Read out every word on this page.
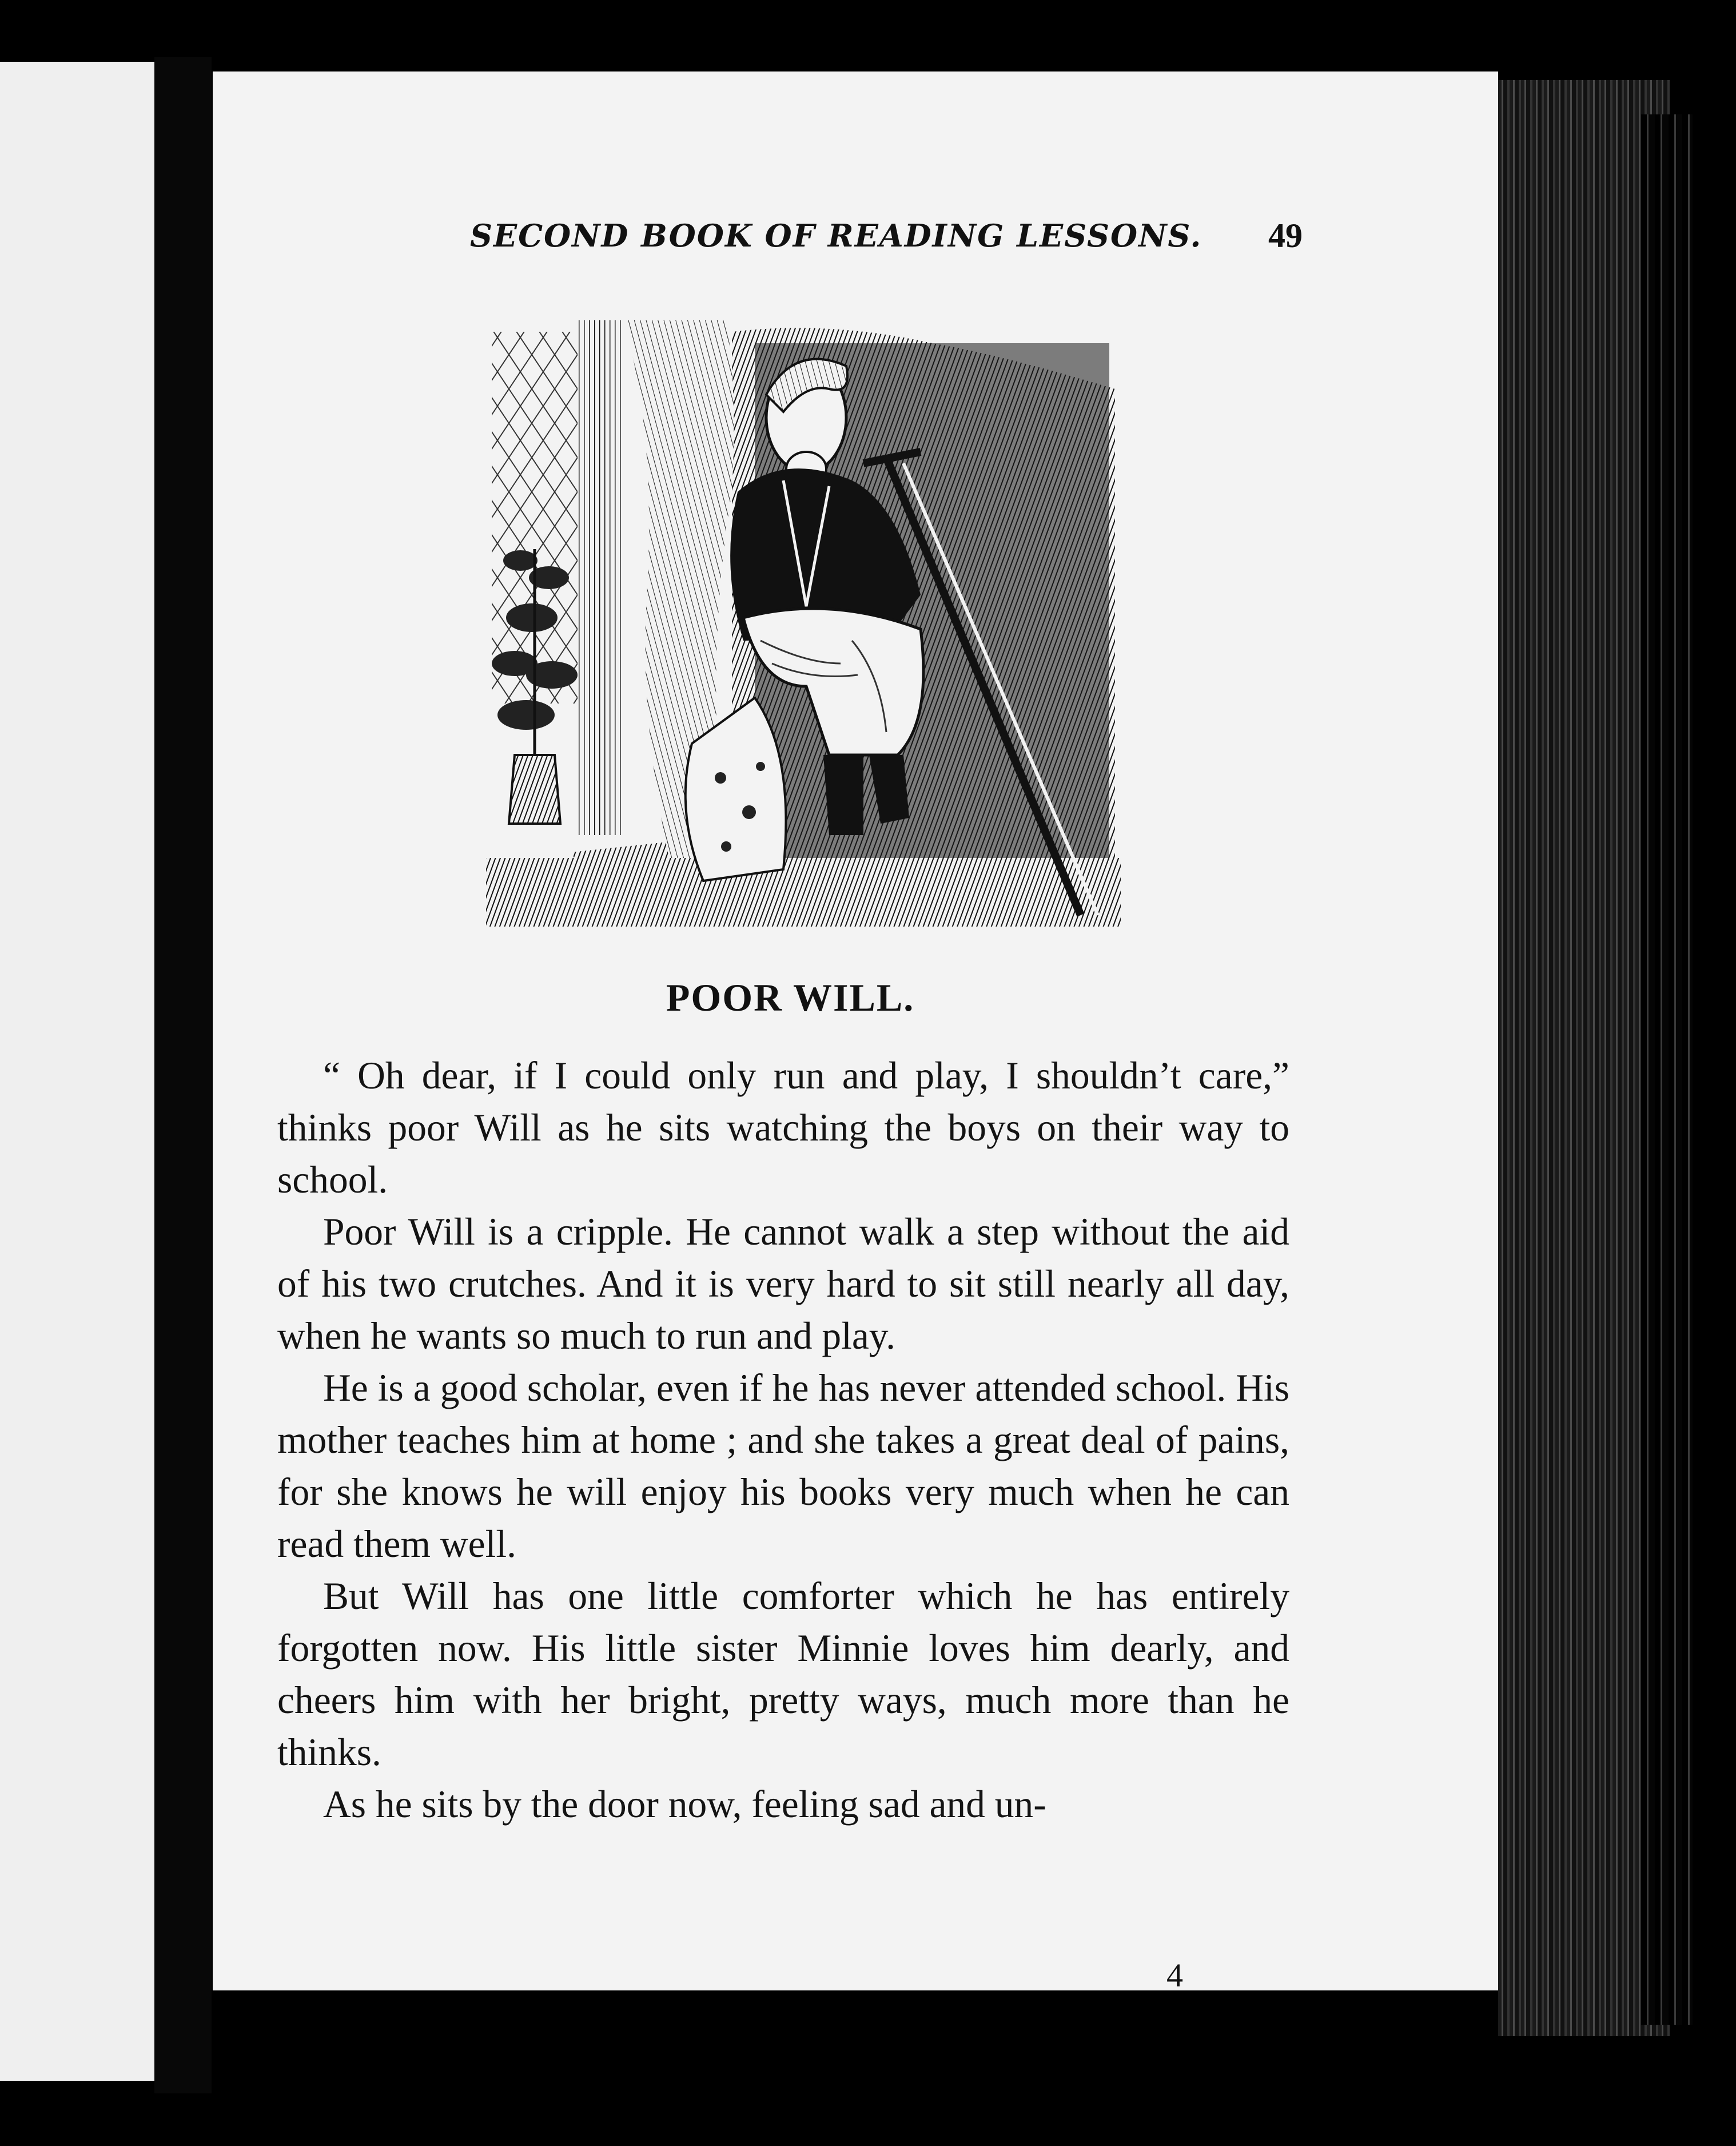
SECOND BOOK OF READING LESSONS. 49
POOR WILL.

“ Oh dear, if I could only run and play, I shouldn’t care,” thinks poor Will as he sits watching the boys on their way to school.

Poor Will is a cripple. He cannot walk a step without the aid of his two crutches. And it is very hard to sit still nearly all day, when he wants so much to run and play.

He is a good scholar, even if he has never attended school. His mother teaches him at home ; and she takes a great deal of pains, for she knows he will enjoy his books very much when he can read them well.

But Will has one little comforter which he has entirely forgotten now. His little sister Minnie loves him dearly, and cheers him with her bright, pretty ways, much more than he thinks.

As he sits by the door now, feeling sad and un-

4
